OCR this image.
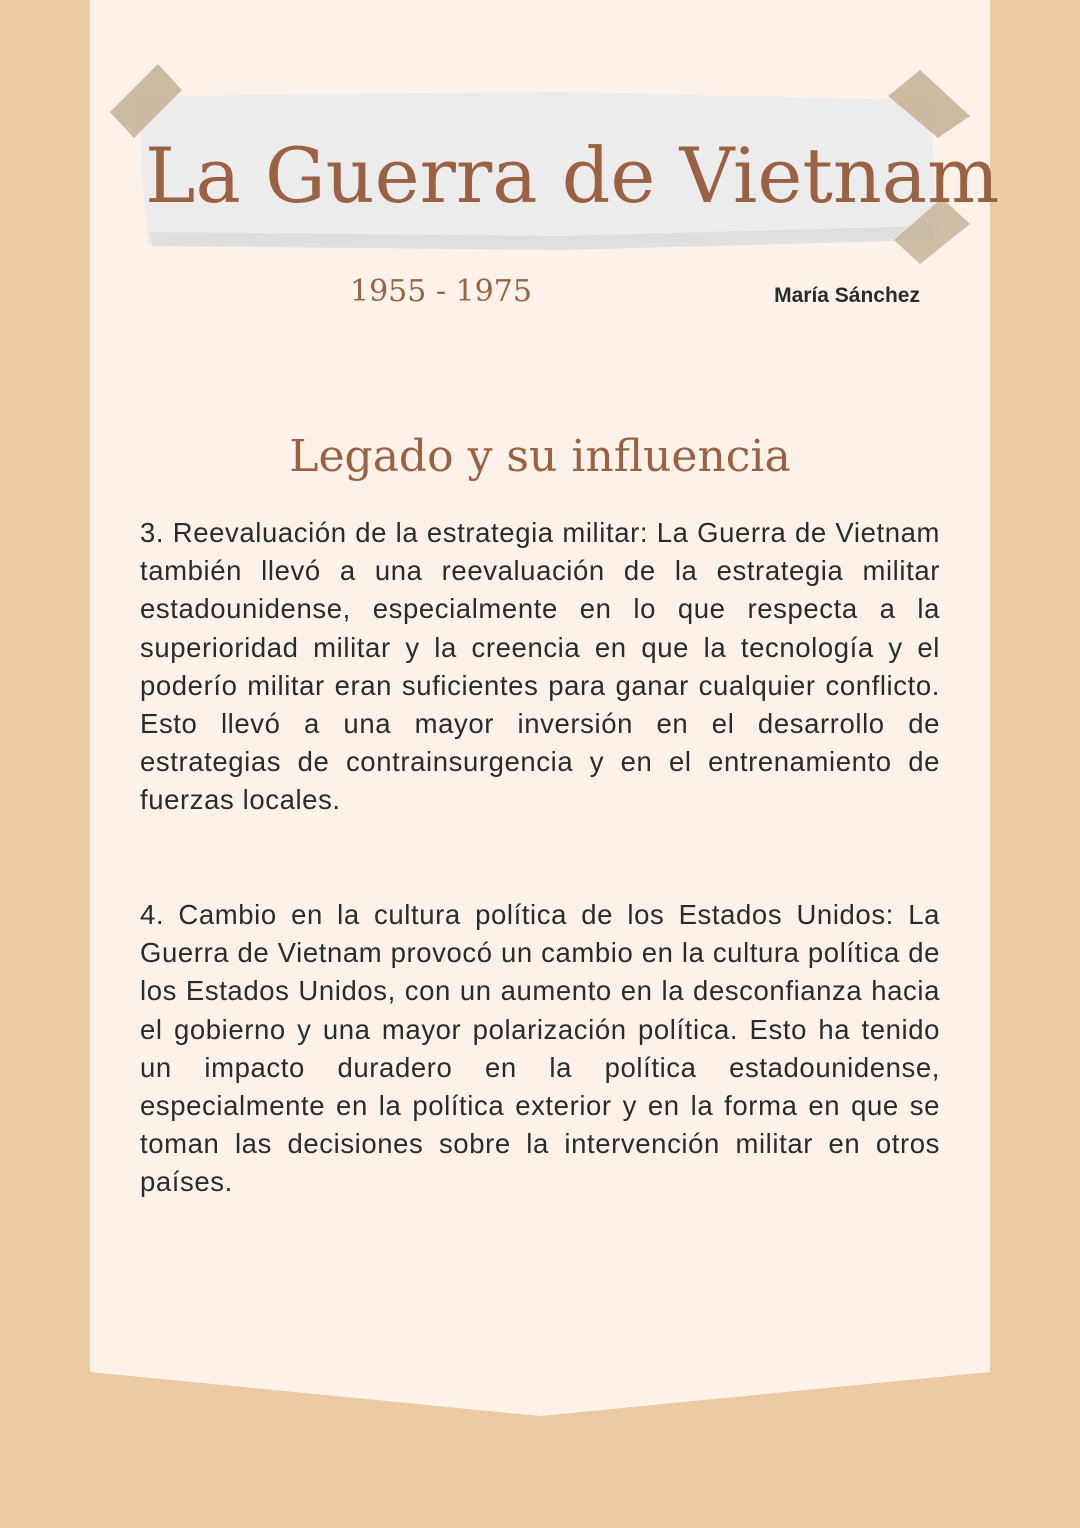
La Guerra de Vietnam
1955 - 1975	María Sánchez
Legado y su influencia

3. Reevaluación de la estrategia militar: La Guerra de Vietnam también llevó a una reevaluación de la estrategia militar estadounidense, especialmente en lo que respecta a la superioridad militar y la creencia en que la tecnología y el poderío militar eran suficientes para ganar cualquier conflicto. Esto llevó a una mayor inversión en el desarrollo de estrategias de contrainsurgencia y en el entrenamiento de fuerzas locales.

4. Cambio en la cultura política de los Estados Unidos: La Guerra de Vietnam provocó un cambio en la cultura política de los Estados Unidos, con un aumento en la desconfianza hacia el gobierno y una mayor polarización política. Esto ha tenido un impacto duradero en la política estadounidense, especialmente en la política exterior y en la forma en que se toman las decisiones sobre la intervención militar en otros países.
